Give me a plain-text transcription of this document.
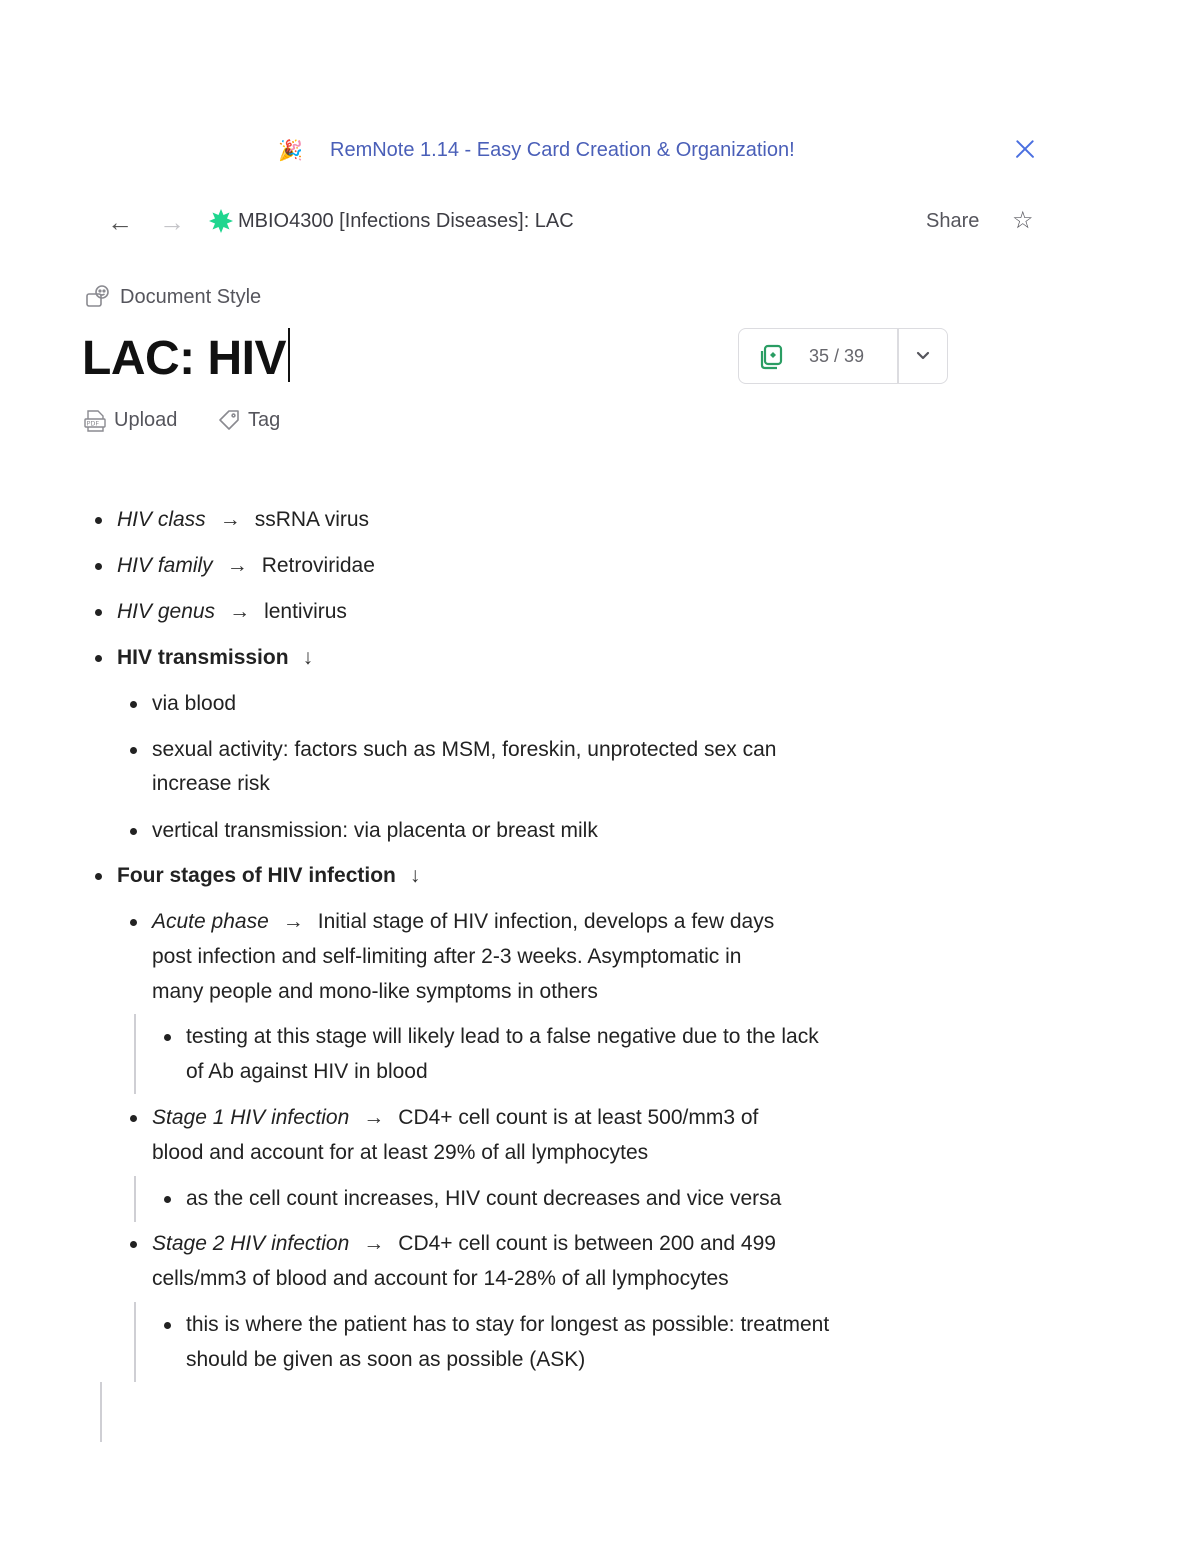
🎉 RemNote 1.14 - Easy Card Creation & Organization!
← →	MBIO4300 [Infections Diseases]: LAC	Share ☆
Document Style
LAC: HIV	35 / 39
PDF Upload	Tag
HIV class → ssRNA virus
HIV family → Retroviridae
HIV genus → lentivirus
HIV transmission ↓
via blood
sexual activity: factors such as MSM, foreskin, unprotected sex can
increase risk
vertical transmission: via placenta or breast milk
Four stages of HIV infection ↓
Acute phase → Initial stage of HIV infection, develops a few days
post infection and self-limiting after 2-3 weeks. Asymptomatic in
many people and mono-like symptoms in others
testing at this stage will likely lead to a false negative due to the lack
of Ab against HIV in blood
Stage 1 HIV infection → CD4+ cell count is at least 500/mm3 of
blood and account for at least 29% of all lymphocytes
as the cell count increases, HIV count decreases and vice versa
Stage 2 HIV infection → CD4+ cell count is between 200 and 499
cells/mm3 of blood and account for 14-28% of all lymphocytes
this is where the patient has to stay for longest as possible: treatment
should be given as soon as possible (ASK)
